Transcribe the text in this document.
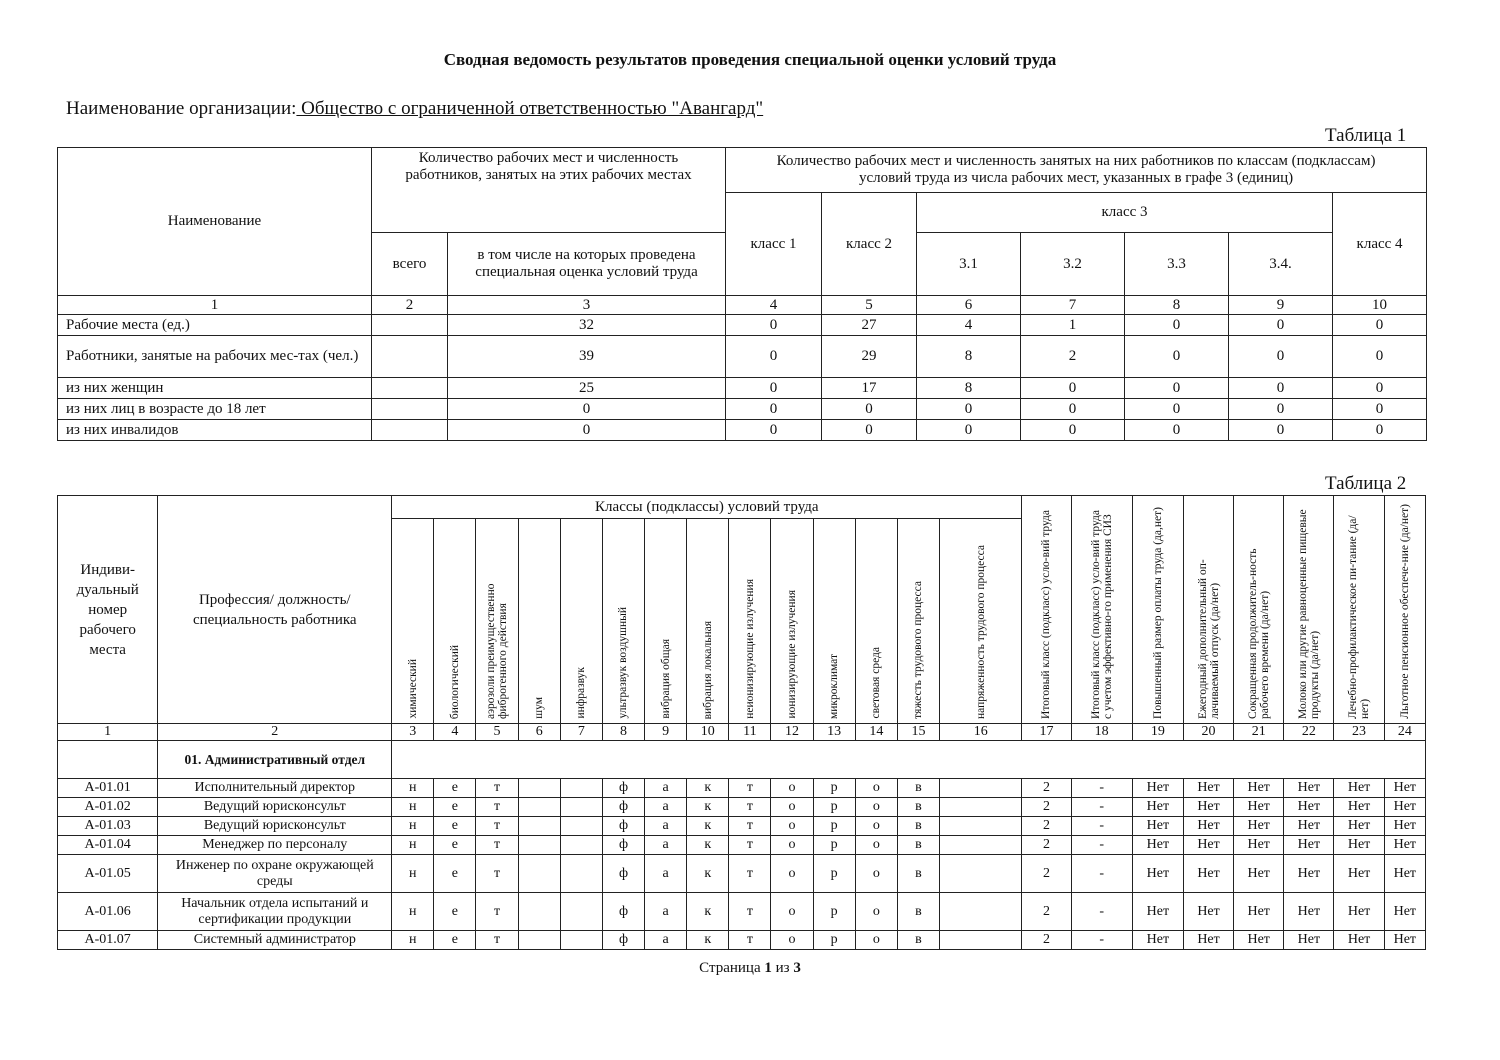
Сводная ведомость результатов проведения специальной оценки условий труда
Наименование организации: Общество с ограниченной ответственностью "Авангард"
Таблица 1
Наименование	Количество рабочих мест и численность работников, занятых на этих рабочих местах		Количество рабочих мест и численность занятых на них работников по классам (подклассам) условий труда из числа рабочих мест, указанных в графе 3 (единиц)						
			класс 1	класс 2	класс 3				класс 4
	всего	в том числе на которых проведена специальная оценка условий труда			3.1	3.2	3.3	3.4.	
1	2	3	4	5	6	7	8	9	10
Рабочие места (ед.)		32	0	27	4	1	0	0	0
Работники, занятые на рабочих мес-тах (чел.)		39	0	29	8	2	0	0	0
из них женщин		25	0	17	8	0	0	0	0
из них лиц в возрасте до 18 лет		0	0	0	0	0	0	0	0
из них инвалидов		0	0	0	0	0	0	0	0
Таблица 2
Индиви-дуальный номер рабочего места	Профессия/ должность/ специальность работника	Классы (подклассы) условий труда														Итоговый класс (подкласс) усло-вий труда	Итоговый класс (подкласс) усло-вий труда с учетом эффективно-го применения СИЗ	Повышенный размер оплаты труда (да,нет)	Ежегодный дополнительный оп-лачиваемый отпуск (да/нет)	Сокращенная продолжитель-ность рабочего времени (да/нет)	Молоко или другие равноценные пищевые продукты (да/нет)	Лечебно-профилактическое пи-тание (да/нет)	Льготное пенсионное обеспече-ние (да/нет)

		химический	биологический	аэрозоли преимущественно фиброгенного действия	шум	инфразвук	ультразвук воздушный	вибрация общая	вибрация локальная	неионизирующие излучения	ионизирующие излучения	микроклимат	световая среда	тяжесть трудового процесса	напряженность трудового процесса								

1	2	3	4	5	6	7	8	9	10	11	12	13	14	15	16	17	18	19	20	21	22	23	24
	01. Административный отдел																						
А-01.01	Исполнительный директор	н	е	т			ф	а	к	т	о	р	о	в		2	-	Нет	Нет	Нет	Нет	Нет	Нет
А-01.02	Ведущий юрисконсульт	н	е	т			ф	а	к	т	о	р	о	в		2	-	Нет	Нет	Нет	Нет	Нет	Нет
А-01.03	Ведущий юрисконсульт	н	е	т			ф	а	к	т	о	р	о	в		2	-	Нет	Нет	Нет	Нет	Нет	Нет
А-01.04	Менеджер по персоналу	н	е	т			ф	а	к	т	о	р	о	в		2	-	Нет	Нет	Нет	Нет	Нет	Нет
А-01.05	Инженер по охране окружающей среды	н	е	т			ф	а	к	т	о	р	о	в		2	-	Нет	Нет	Нет	Нет	Нет	Нет
А-01.06	Начальник отдела испытаний и сертификации продукции	н	е	т			ф	а	к	т	о	р	о	в		2	-	Нет	Нет	Нет	Нет	Нет	Нет
А-01.07	Системный администратор	н	е	т			ф	а	к	т	о	р	о	в		2	-	Нет	Нет	Нет	Нет	Нет	Нет
Страница 1 из 3
